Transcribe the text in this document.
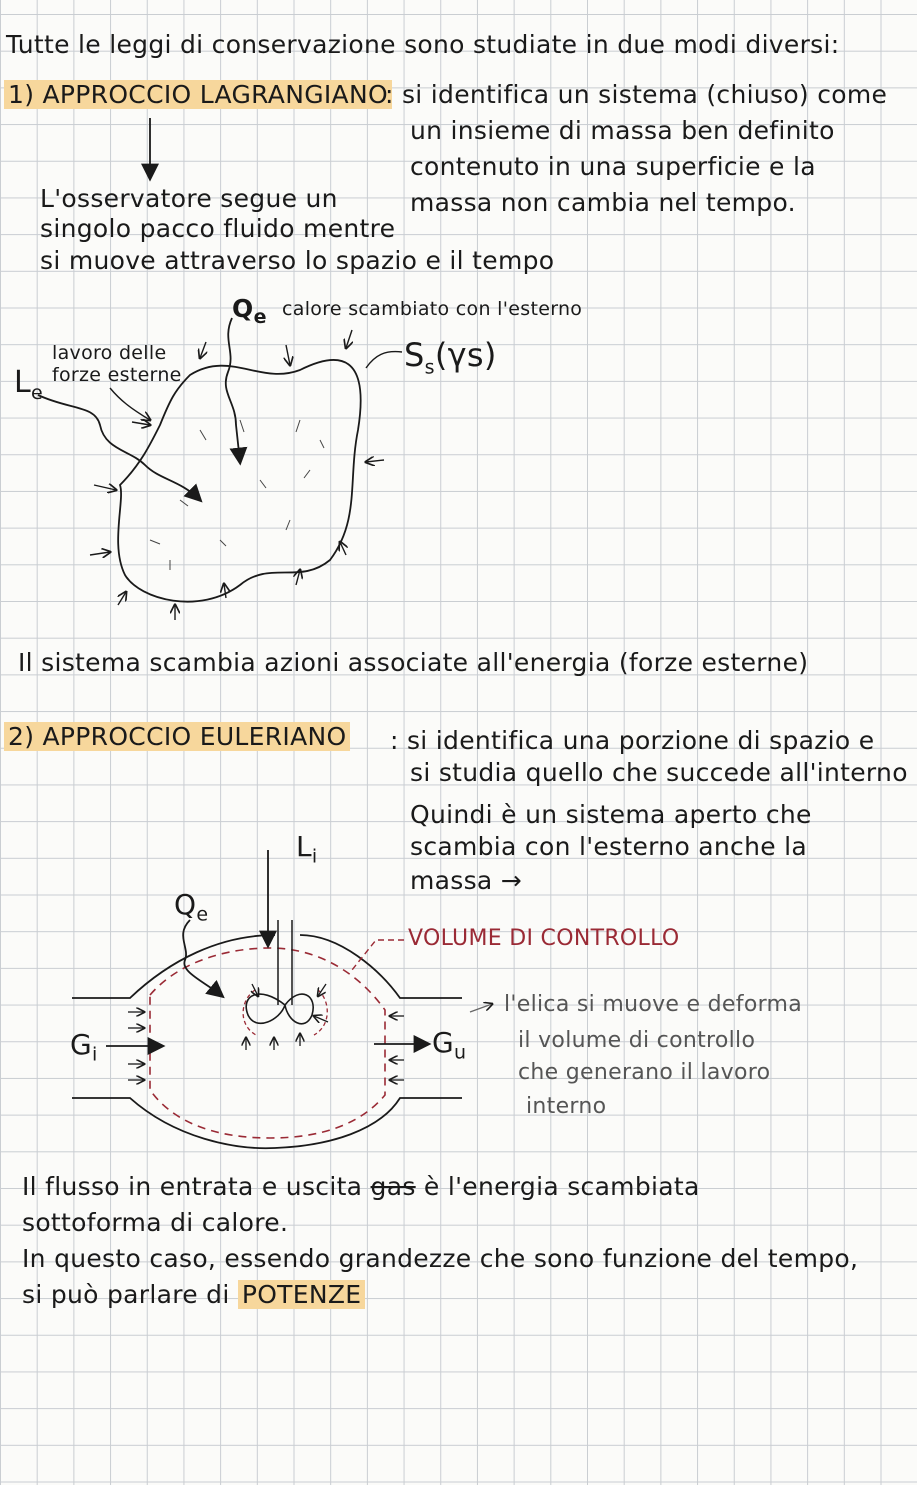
Tutte le leggi di conservazione sono studiate in due modi diversi:
1) APPROCCIO LAGRANGIANO
: si identifica un sistema (chiuso) come
un insieme di massa ben definito
contenuto in una superficie e la
massa non cambia nel tempo.
L'osservatore segue un
singolo pacco fluido mentre
si muove attraverso lo spazio e il tempo
$Q_e$ calore scambiato con l'esterno
lavoro delle
forze esterne
$L_e$
$S_s(\gamma s)$
Il sistema scambia azioni associate all'energia (forze esterne)
2) APPROCCIO EULERIANO : si identifica una porzione di spazio e
si studia quello che succede all'interno
Quindi è un sistema aperto che
scambia con l'esterno anche la
massa →
$L_i$
$Q_e$
VOLUME DI CONTROLLO
$G_i$	$G_u$
l'elica si muove e deforma
il volume di controllo
che generano il lavoro
interno
Il flusso in entrata e uscita gas è l'energia scambiata
sottoforma di calore.
In questo caso, essendo grandezze che sono funzione del tempo,
si può parlare di POTENZE
